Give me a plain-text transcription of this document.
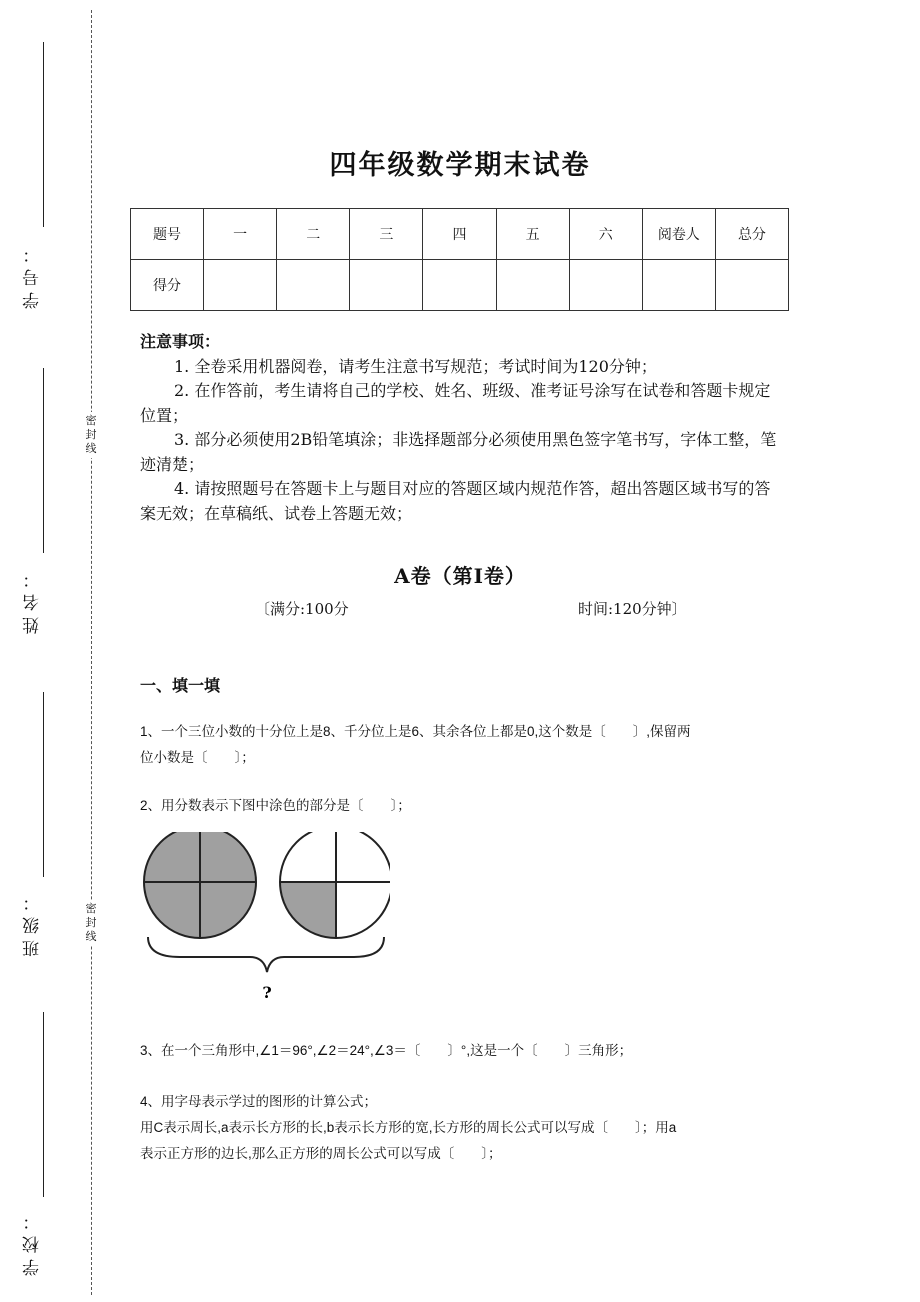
学号：
姓名：
班级：
学校：
密
封
线
密
封
线
四年级数学期末试卷
题号	一	二	三	四	五	六	阅卷人	总分
得分								
注意事项：

1. 全卷采用机器阅卷，请考生注意书写规范；考试时间为120分钟；

2. 在作答前，考生请将自己的学校、姓名、班级、准考证号涂写在试卷和答题卡规定位置；

3. 部分必须使用2B铅笔填涂；非选择题部分必须使用黑色签字笔书写，字体工整，笔迹清楚；

4. 请按照题号在答题卡上与题目对应的答题区域内规范作答，超出答题区域书写的答案无效；在草稿纸、试卷上答题无效；

A卷（第I卷）
〔满分:100分	时间:120分钟〕
一、填一填

1、一个三位小数的十分位上是8、千分位上是6、其余各位上都是0,这个数是〔　　〕,保留两

位小数是〔　　〕；

2、用分数表示下图中涂色的部分是〔　　〕；

?

3、在一个三角形中,∠1＝96°,∠2＝24°,∠3＝〔　　〕°,这是一个〔　　〕三角形；

4、用字母表示学过的图形的计算公式；

用C表示周长,a表示长方形的长,b表示长方形的宽,长方形的周长公式可以写成〔　　〕；用a

表示正方形的边长,那么正方形的周长公式可以写成〔　　〕；
